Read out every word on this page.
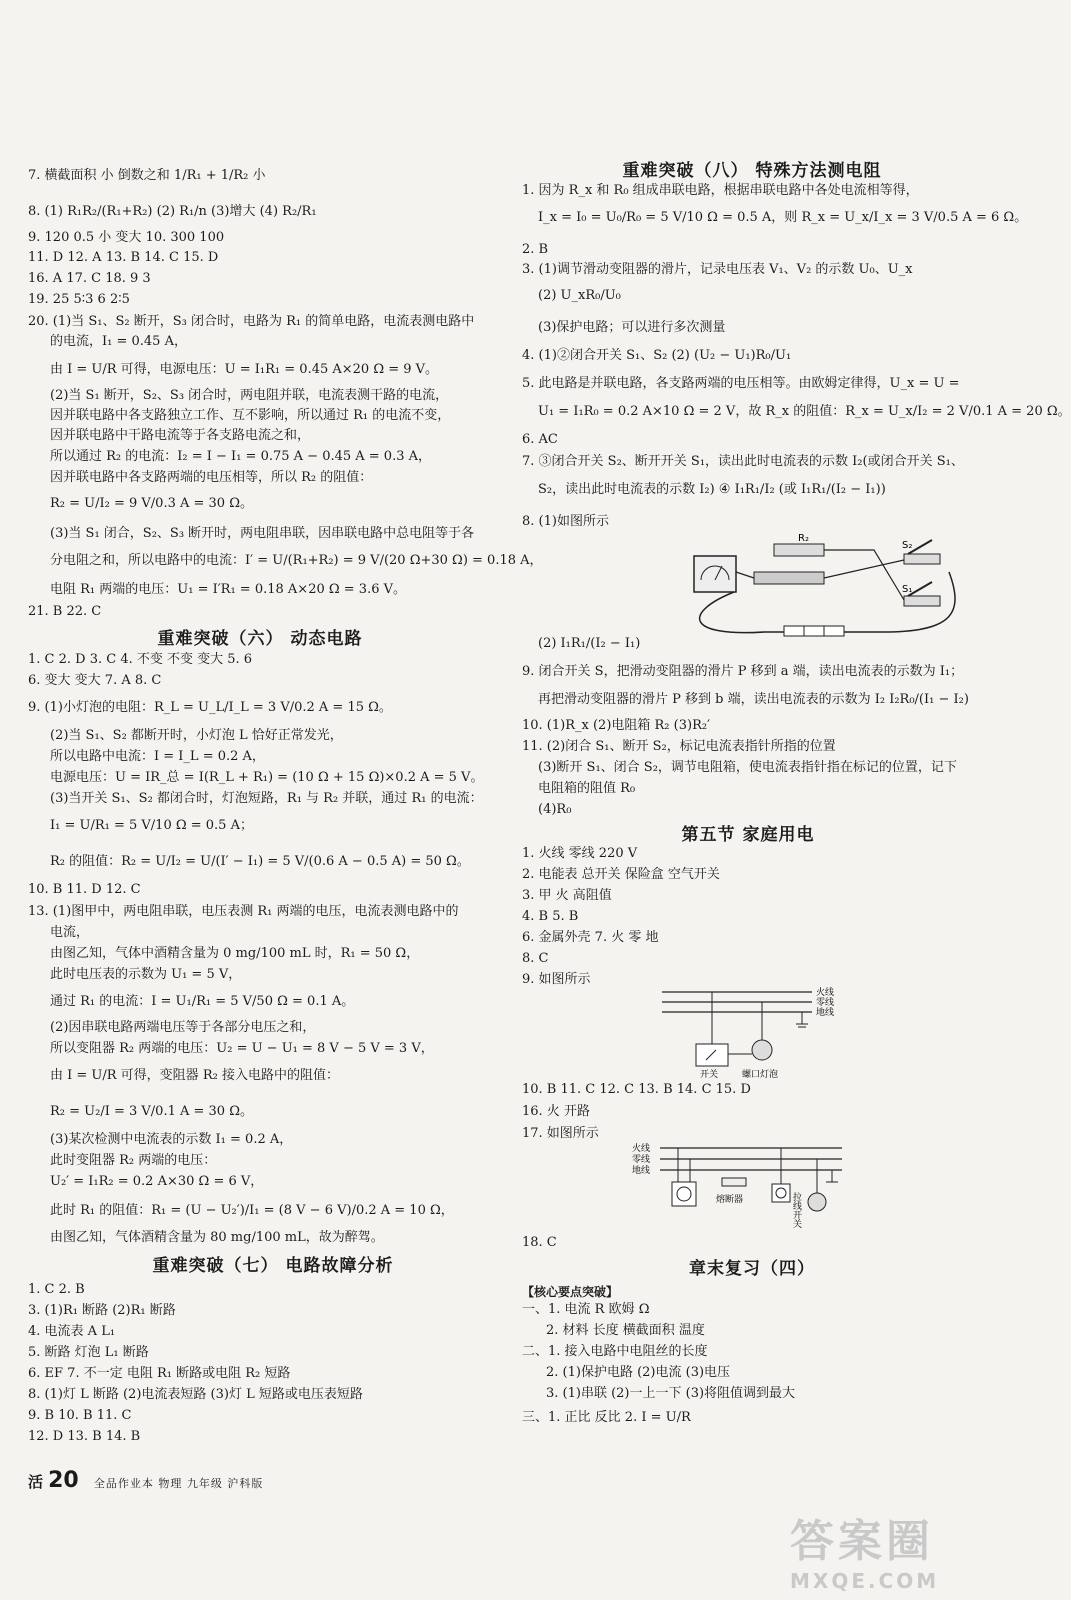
7. 横截面积 小 倒数之和 1/R₁ + 1/R₂ 小
8. (1) R₁R₂/(R₁+R₂) (2) R₁/n (3)增大 (4) R₂/R₁
9. 120 0.5 小 变大 10. 300 100
11. D 12. A 13. B 14. C 15. D
16. A 17. C 18. 9 3
19. 25 5∶3 6 2∶5
20. (1)当 S₁、S₂ 断开，S₃ 闭合时，电路为 R₁ 的简单电路，电流表测电路中
的电流，I₁ = 0.45 A，
由 I = U/R 可得，电源电压：U = I₁R₁ = 0.45 A×20 Ω = 9 V。
(2)当 S₁ 断开，S₂、S₃ 闭合时，两电阻并联，电流表测干路的电流，
因并联电路中各支路独立工作、互不影响，所以通过 R₁ 的电流不变，
因并联电路中干路电流等于各支路电流之和，
所以通过 R₂ 的电流：I₂ = I − I₁ = 0.75 A − 0.45 A = 0.3 A，
因并联电路中各支路两端的电压相等，所以 R₂ 的阻值：
R₂ = U/I₂ = 9 V/0.3 A = 30 Ω。
(3)当 S₁ 闭合，S₂、S₃ 断开时，两电阻串联，因串联电路中总电阻等于各
分电阻之和，所以电路中的电流：I′ = U/(R₁+R₂) = 9 V/(20 Ω+30 Ω) = 0.18 A，
电阻 R₁ 两端的电压：U₁ = I′R₁ = 0.18 A×20 Ω = 3.6 V。
21. B 22. C
重难突破（六） 动态电路
1. C 2. D 3. C 4. 不变 不变 变大 5. 6
6. 变大 变大 7. A 8. C
9. (1)小灯泡的电阻：R_L = U_L/I_L = 3 V/0.2 A = 15 Ω。
(2)当 S₁、S₂ 都断开时，小灯泡 L 恰好正常发光，
所以电路中电流：I = I_L = 0.2 A，
电源电压：U = IR_总 = I(R_L + R₁) = (10 Ω + 15 Ω)×0.2 A = 5 V。
(3)当开关 S₁、S₂ 都闭合时，灯泡短路，R₁ 与 R₂ 并联，通过 R₁ 的电流：
I₁ = U/R₁ = 5 V/10 Ω = 0.5 A；
R₂ 的阻值：R₂ = U/I₂ = U/(I′ − I₁) = 5 V/(0.6 A − 0.5 A) = 50 Ω。
10. B 11. D 12. C
13. (1)图甲中，两电阻串联，电压表测 R₁ 两端的电压，电流表测电路中的
电流，
由图乙知，气体中酒精含量为 0 mg/100 mL 时，R₁ = 50 Ω，
此时电压表的示数为 U₁ = 5 V，
通过 R₁ 的电流：I = U₁/R₁ = 5 V/50 Ω = 0.1 A。
(2)因串联电路两端电压等于各部分电压之和，
所以变阻器 R₂ 两端的电压：U₂ = U − U₁ = 8 V − 5 V = 3 V，
由 I = U/R 可得，变阻器 R₂ 接入电路中的阻值：
R₂ = U₂/I = 3 V/0.1 A = 30 Ω。
(3)某次检测中电流表的示数 I₁ = 0.2 A，
此时变阻器 R₂ 两端的电压：
U₂′ = I₁R₂ = 0.2 A×30 Ω = 6 V，
此时 R₁ 的阻值：R₁ = (U − U₂′)/I₁ = (8 V − 6 V)/0.2 A = 10 Ω，
由图乙知，气体酒精含量为 80 mg/100 mL，故为醉驾。
重难突破（七） 电路故障分析
1. C 2. B
3. (1)R₁ 断路 (2)R₁ 断路
4. 电流表 A L₁
5. 断路 灯泡 L₁ 断路
6. EF 7. 不一定 电阻 R₁ 断路或电阻 R₂ 短路
8. (1)灯 L 断路 (2)电流表短路 (3)灯 L 短路或电压表短路
9. B 10. B 11. C
12. D 13. B 14. B
重难突破（八） 特殊方法测电阻
1. 因为 R_x 和 R₀ 组成串联电路，根据串联电路中各处电流相等得，
I_x = I₀ = U₀/R₀ = 5 V/10 Ω = 0.5 A，则 R_x = U_x/I_x = 3 V/0.5 A = 6 Ω。
2. B
3. (1)调节滑动变阻器的滑片，记录电压表 V₁、V₂ 的示数 U₀、U_x
(2) U_xR₀/U₀
(3)保护电路；可以进行多次测量
4. (1)②闭合开关 S₁、S₂ (2) (U₂ − U₁)R₀/U₁
5. 此电路是并联电路，各支路两端的电压相等。由欧姆定律得，U_x = U =
U₁ = I₁R₀ = 0.2 A×10 Ω = 2 V，故 R_x 的阻值：R_x = U_x/I₂ = 2 V/0.1 A = 20 Ω。
6. AC
7. ③闭合开关 S₂、断开开关 S₁，读出此时电流表的示数 I₂(或闭合开关 S₁、
S₂，读出此时电流表的示数 I₂) ④ I₁R₁/I₂ (或 I₁R₁/(I₂ − I₁))
8. (1)如图所示
R₂
S₂
S₁
(2) I₁R₁/(I₂ − I₁)
9. 闭合开关 S，把滑动变阻器的滑片 P 移到 a 端，读出电流表的示数为 I₁；
再把滑动变阻器的滑片 P 移到 b 端，读出电流表的示数为 I₂ I₂R₀/(I₁ − I₂)
10. (1)R_x (2)电阻箱 R₂ (3)R₂′
11. (2)闭合 S₁、断开 S₂，标记电流表指针所指的位置
(3)断开 S₁、闭合 S₂，调节电阻箱，使电流表指针指在标记的位置，记下
电阻箱的阻值 R₀
(4)R₀
第五节 家庭用电
1. 火线 零线 220 V
2. 电能表 总开关 保险盒 空气开关
3. 甲 火 高阻值
4. B 5. B
6. 金属外壳 7. 火 零 地
8. C
9. 如图所示
火线
零线
地线
开关	螺口灯泡
10. B 11. C 12. C 13. B 14. C 15. D
16. 火 开路
17. 如图所示
火线
零线
地线
熔断器	拉线开关
18. C
章末复习（四）
【核心要点突破】
一、1. 电流 R 欧姆 Ω
2. 材料 长度 横截面积 温度
二、1. 接入电路中电阻丝的长度
2. (1)保护电路 (2)电流 (3)电压
3. (1)串联 (2)一上一下 (3)将阻值调到最大
三、1. 正比 反比 2. I = U/R
活 20 全品作业本 物理 九年级 沪科版
答案圈
MXQE.COM
